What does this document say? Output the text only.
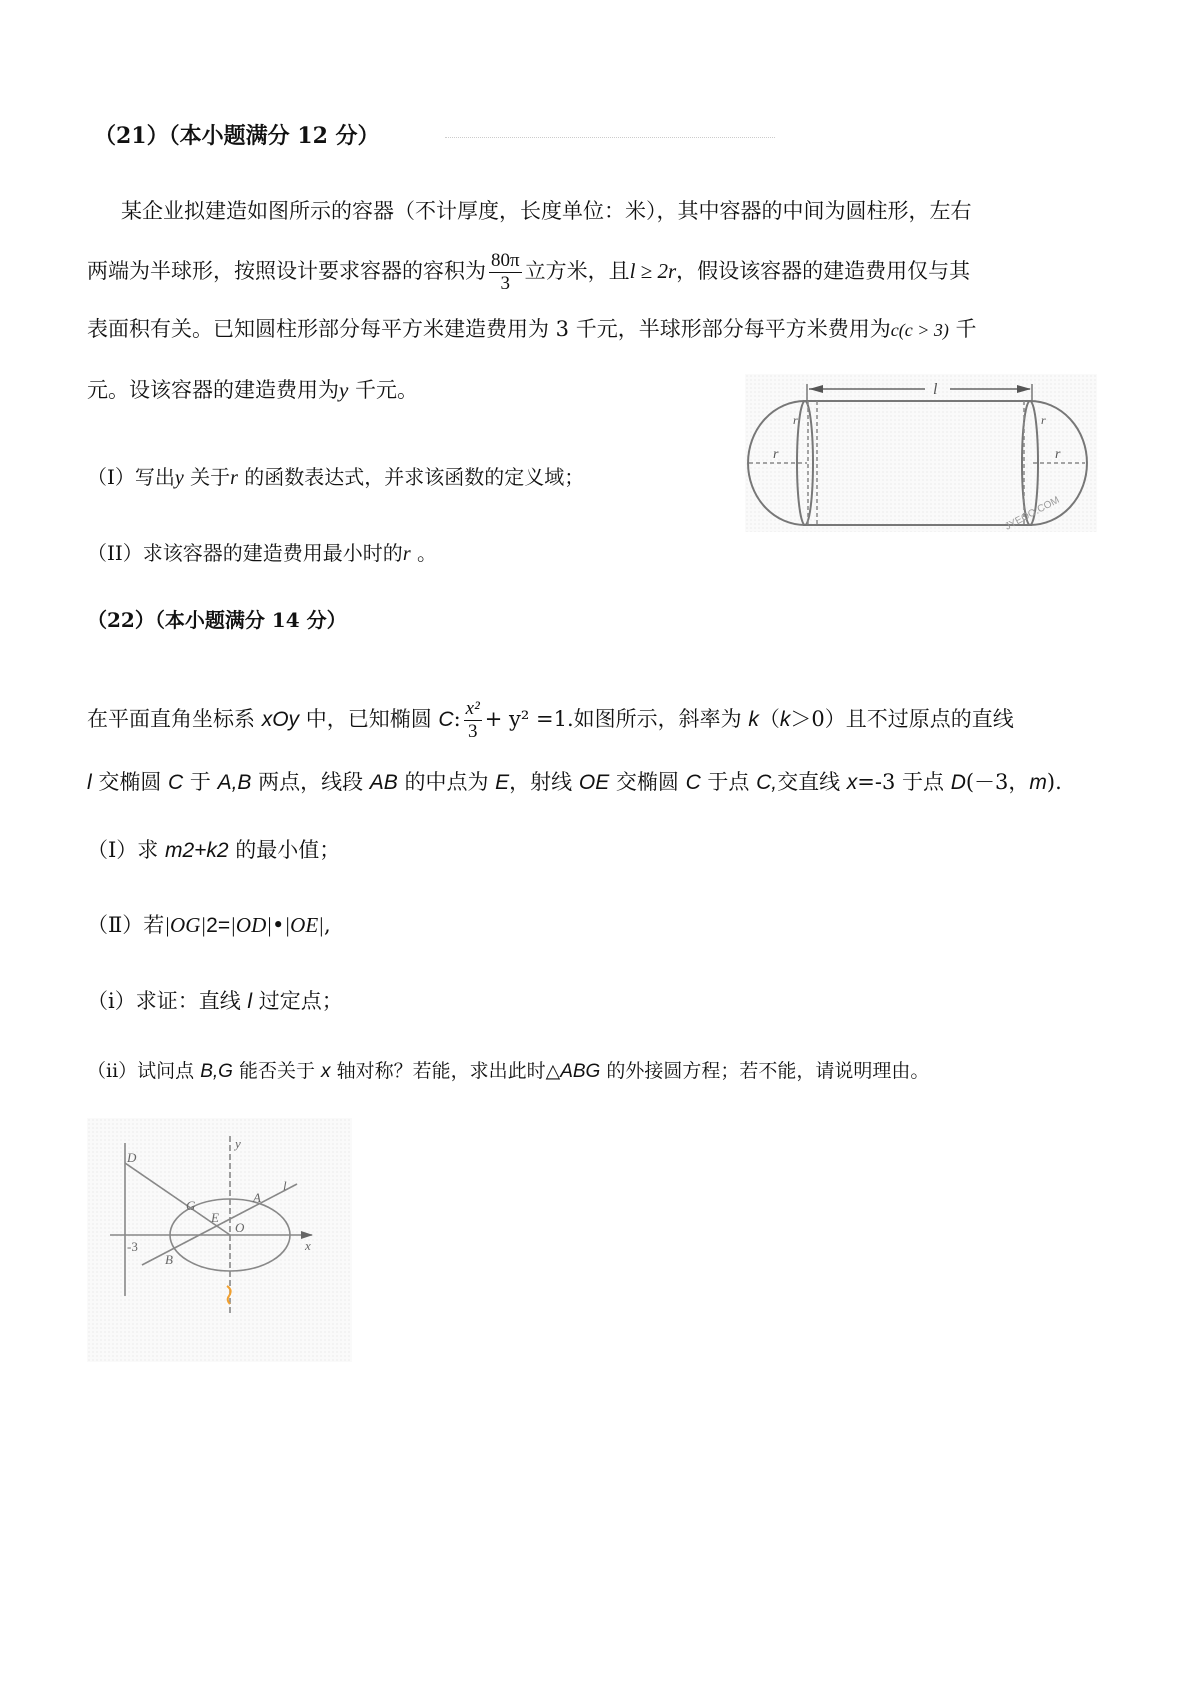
（21）（本小题满分 12 分）
某企业拟建造如图所示的容器（不计厚度，长度单位：米），其中容器的中间为圆柱形，左右
两端为半球形，按照设计要求容器的容积为 $\frac{80\pi}{3}$ 立方米，且l ≥ 2r，假设该容器的建造费用仅与其
表面积有关。已知圆柱形部分每平方米建造费用为 3 千元，半球形部分每平方米费用为c(c > 3) 千
元。设该容器的建造费用为y 千元。
（I）写出y 关于r 的函数表达式，并求该函数的定义域；
（II）求该容器的建造费用最小时的r 。
l
r
r	r
r
JYEOO.COM
（22）（本小题满分 14 分）
在平面直角坐标系 xOy 中，已知椭圆 C: $\frac{\text{x²}}{3} + y^2 =1$.如图所示，斜率为 k（k＞0）且不过原点的直线
l 交椭圆 C 于 A,B 两点，线段 AB 的中点为 E，射线 OE 交椭圆 C 于点 C,交直线 x=-3 于点 D(－3，m).
（Ⅰ）求 m2+k2 的最小值；
（Ⅱ）若|OG|2=|OD|•|OE|,
（i）求证：直线 l 过定点；
（ii）试问点 B,G 能否关于 x 轴对称？若能，求出此时△ABG 的外接圆方程；若不能，请说明理由。
D
G
E
A
l
O
B
y
x
-3
